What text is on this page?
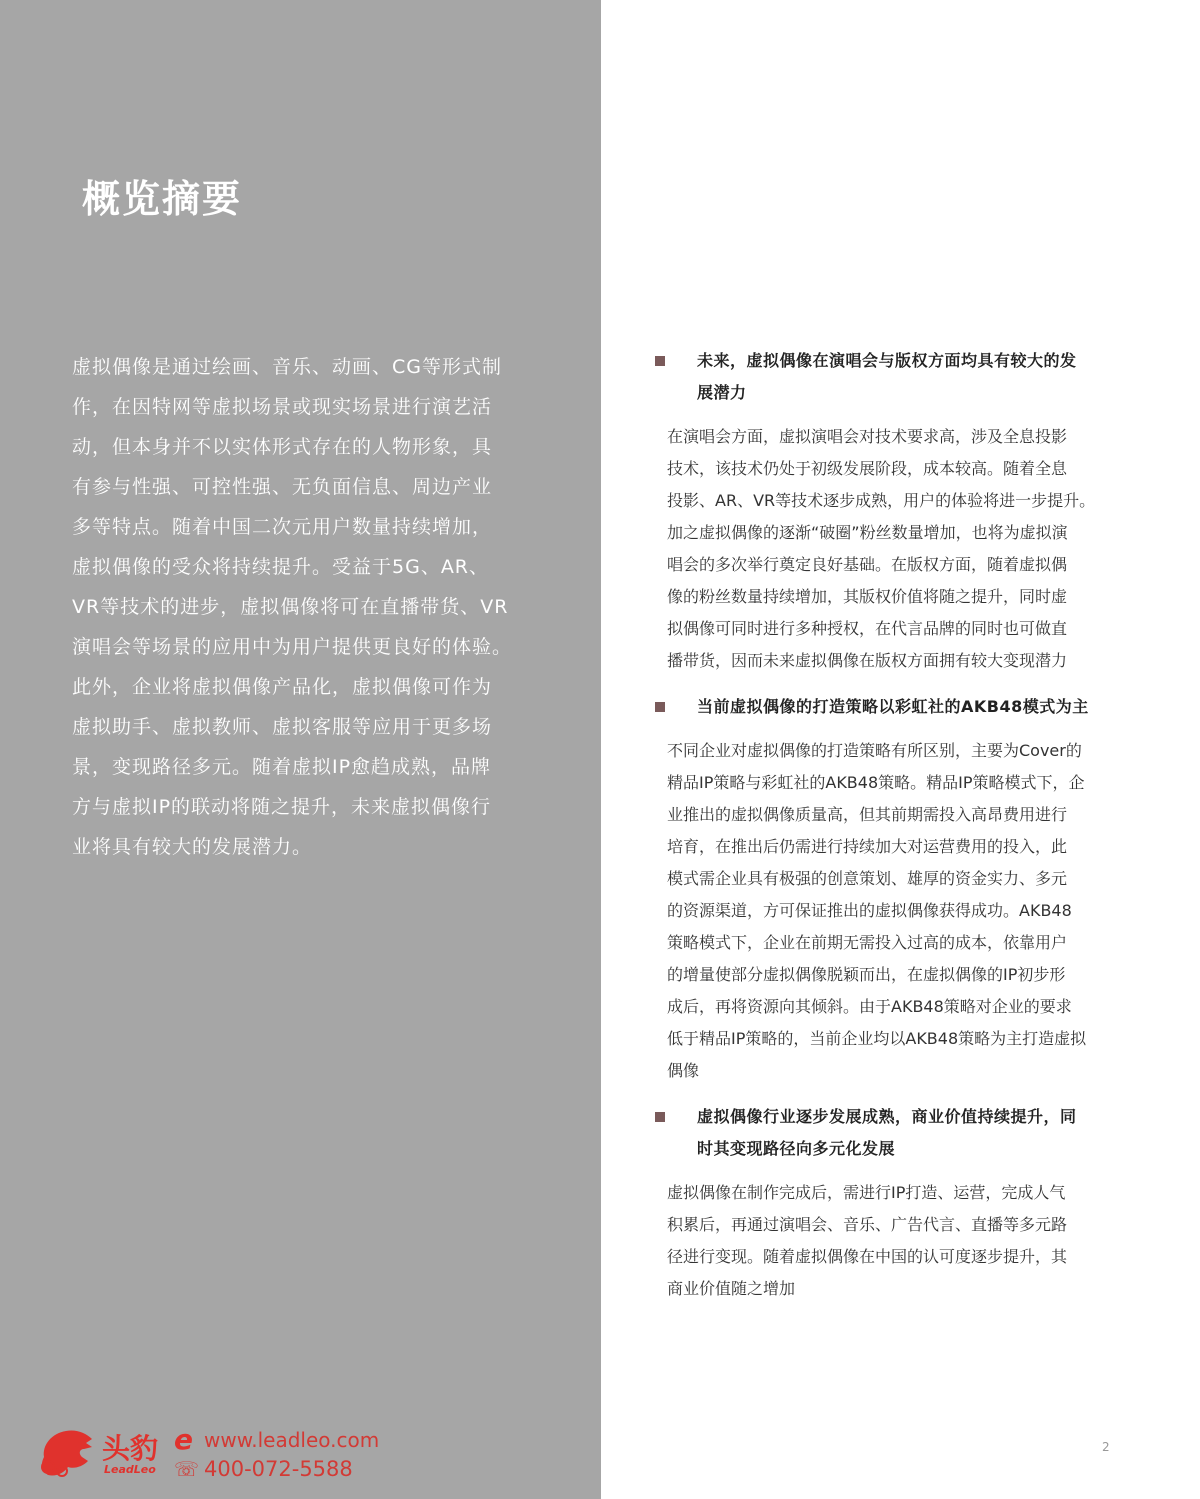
概览摘要
虚拟偶像是通过绘画、音乐、动画、CG等形式制
作，在因特网等虚拟场景或现实场景进行演艺活
动，但本身并不以实体形式存在的人物形象，具
有参与性强、可控性强、无负面信息、周边产业
多等特点。随着中国二次元用户数量持续增加，
虚拟偶像的受众将持续提升。受益于5G、AR、
VR等技术的进步，虚拟偶像将可在直播带货、VR
演唱会等场景的应用中为用户提供更良好的体验。
此外，企业将虚拟偶像产品化，虚拟偶像可作为
虚拟助手、虚拟教师、虚拟客服等应用于更多场
景，变现路径多元。随着虚拟IP愈趋成熟，品牌
方与虚拟IP的联动将随之提升，未来虚拟偶像行
业将具有较大的发展潜力。
头豹
LeadLeo
e www.leadleo.com
☏ 400-072-5588
未来，虚拟偶像在演唱会与版权方面均具有较大的发
展潜力
在演唱会方面，虚拟演唱会对技术要求高，涉及全息投影
技术，该技术仍处于初级发展阶段，成本较高。随着全息
投影、AR、VR等技术逐步成熟，用户的体验将进一步提升。
加之虚拟偶像的逐渐“破圈”粉丝数量增加，也将为虚拟演
唱会的多次举行奠定良好基础。在版权方面，随着虚拟偶
像的粉丝数量持续增加，其版权价值将随之提升，同时虚
拟偶像可同时进行多种授权，在代言品牌的同时也可做直
播带货，因而未来虚拟偶像在版权方面拥有较大变现潜力
当前虚拟偶像的打造策略以彩虹社的AKB48模式为主
不同企业对虚拟偶像的打造策略有所区别，主要为Cover的
精品IP策略与彩虹社的AKB48策略。精品IP策略模式下，企
业推出的虚拟偶像质量高，但其前期需投入高昂费用进行
培育，在推出后仍需进行持续加大对运营费用的投入，此
模式需企业具有极强的创意策划、雄厚的资金实力、多元
的资源渠道，方可保证推出的虚拟偶像获得成功。AKB48
策略模式下，企业在前期无需投入过高的成本，依靠用户
的增量使部分虚拟偶像脱颖而出，在虚拟偶像的IP初步形
成后，再将资源向其倾斜。由于AKB48策略对企业的要求
低于精品IP策略的，当前企业均以AKB48策略为主打造虚拟
偶像
虚拟偶像行业逐步发展成熟，商业价值持续提升，同
时其变现路径向多元化发展
虚拟偶像在制作完成后，需进行IP打造、运营，完成人气
积累后，再通过演唱会、音乐、广告代言、直播等多元路
径进行变现。随着虚拟偶像在中国的认可度逐步提升，其
商业价值随之增加
2
